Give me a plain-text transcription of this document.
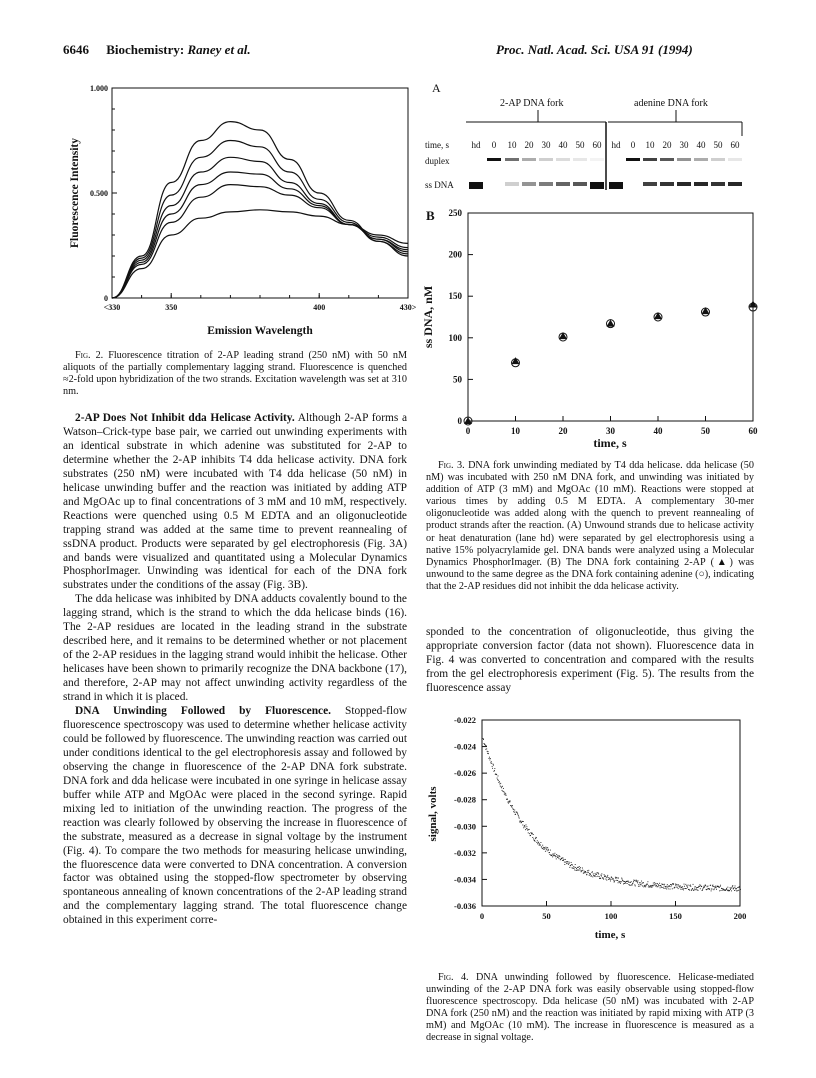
6646 Biochemistry: Raney et al.	Proc. Natl. Acad. Sci. USA 91 (1994)
1.000
0.500
0
<330	350	400	430>
Fluorescence Intensity
Emission Wavelength

Fig. 2. Fluorescence titration of 2-AP leading strand (250 nM) with 50 nM aliquots of the partially complementary lagging strand. Fluorescence is quenched ≈2-fold upon hybridization of the two strands. Excitation wavelength was set at 310 nm.

2-AP Does Not Inhibit dda Helicase Activity. Although 2-AP forms a Watson–Crick-type base pair, we carried out unwinding experiments with an identical substrate in which adenine was substituted for 2-AP to determine whether the 2-AP inhibits T4 dda helicase activity. DNA fork substrates (250 nM) were incubated with T4 dda helicase (50 nM) in helicase unwinding buffer and the reaction was initiated by adding ATP and MgOAc up to final concentrations of 3 mM and 10 mM, respectively. Reactions were quenched using 0.5 M EDTA and an oligonucleotide trapping strand was added at the same time to prevent reannealing of ssDNA product. Products were separated by gel electrophoresis (Fig. 3A) and bands were visualized and quantitated using a Molecular Dynamics PhosphorImager. Unwinding was identical for each of the DNA fork substrates under the conditions of the assay (Fig. 3B).

The dda helicase was inhibited by DNA adducts covalently bound to the lagging strand, which is the strand to which the dda helicase binds (16). The 2-AP residues are located in the leading strand in the substrate described here, and it remains to be determined whether or not placement of the 2-AP residues in the lagging strand would inhibit the helicase. Other helicases have been shown to primarily recognize the DNA backbone (17), and therefore, 2-AP may not affect unwinding activity regardless of the strand in which it is placed.

DNA Unwinding Followed by Fluorescence. Stopped-flow fluorescence spectroscopy was used to determine whether helicase activity could be followed by fluorescence. The unwinding reaction was carried out under conditions identical to the gel electrophoresis assay and followed by observing the change in fluorescence of the 2-AP DNA fork substrate. DNA fork and dda helicase were incubated in one syringe in helicase assay buffer while ATP and MgOAc were placed in the second syringe. Rapid mixing led to initiation of the unwinding reaction. The progress of the reaction was clearly followed by observing the increase in fluorescence of the substrate, measured as a decrease in signal voltage by the instrument (Fig. 4). To compare the two methods for measuring helicase unwinding, the fluorescence data were converted to DNA concentration. A conversion factor was obtained using the stopped-flow spectrometer by observing spontaneous annealing of known concentrations of the 2-AP leading strand and the complementary lagging strand. The total fluorescence change obtained in this experiment corre-

A
2-AP DNA fork	adenine DNA fork
time, s	hd 0 10 20 30 40 50 60 hd 0 10 20 30 40 50 60
duplex
ss DNA
B 250
200
150
100
50
0
0	10	20	30	40	50	60
ss DNA, nM
time, s

Fig. 3. DNA fork unwinding mediated by T4 dda helicase. dda helicase (50 nM) was incubated with 250 nM DNA fork, and unwinding was initiated by addition of ATP (3 mM) and MgOAc (10 mM). Reactions were stopped at various times by adding 0.5 M EDTA. A complementary 30-mer oligonucleotide was added along with the quench to prevent reannealing of product strands after the reaction. (A) Unwound strands due to helicase activity or heat denaturation (lane hd) were separated by gel electrophoresis using a native 15% polyacrylamide gel. DNA bands were analyzed using a Molecular Dynamics PhosphorImager. (B) The DNA fork containing 2-AP (▲) was unwound to the same degree as the DNA fork containing adenine (○), indicating that the 2-AP residues did not inhibit the dda helicase activity.

sponded to the concentration of oligonucleotide, thus giving the appropriate conversion factor (data not shown). Fluorescence data in Fig. 4 was converted to concentration and compared with the results from the gel electrophoresis experiment (Fig. 5). The results from the fluorescence assay

-0.022
-0.024
-0.026
-0.028
-0.030
-0.032
-0.034
-0.036
0	50	100	150	200
signal, volts
time, s

Fig. 4. DNA unwinding followed by fluorescence. Helicase-mediated unwinding of the 2-AP DNA fork was easily observable using stopped-flow fluorescence spectroscopy. Dda helicase (50 nM) was incubated with 2-AP DNA fork (250 nM) and the reaction was initiated by rapid mixing with ATP (3 mM) and MgOAc (10 mM). The increase in fluorescence is measured as a decrease in signal voltage.
